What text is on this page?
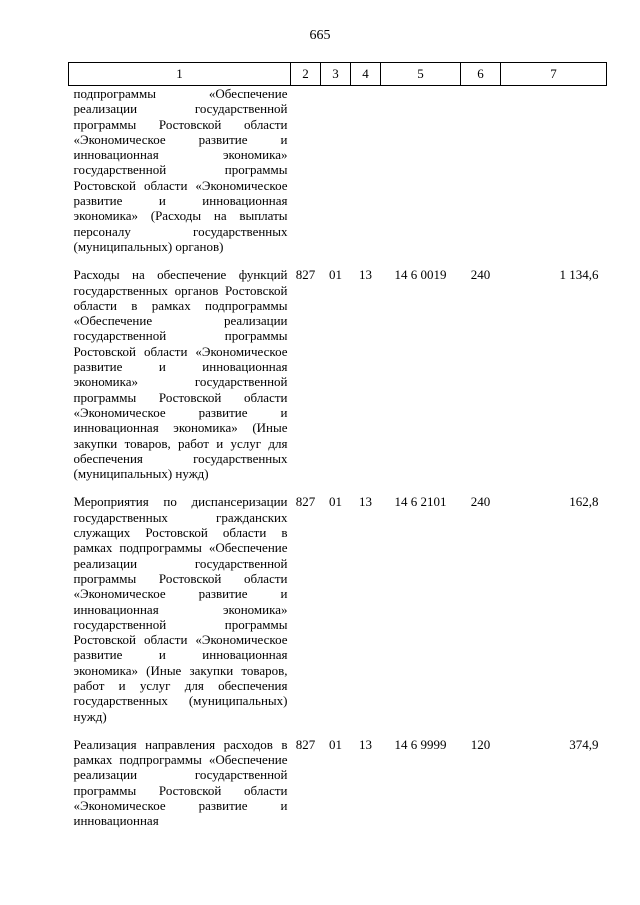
665
1	2	3	4	5	6	7
подпрограммы «Обеспечение реализации государственной программы Ростовской области «Экономическое развитие и инновационная экономика» государственной программы Ростовской области «Экономическое развитие и инновационная экономика» (Расходы на выплаты персоналу государственных (муниципальных) органов)						
Расходы на обеспечение функций государственных органов Ростовской области в рамках подпрограммы «Обеспечение реализации государственной программы Ростовской области «Экономическое развитие и инновационная экономика» государственной программы Ростовской области «Экономическое развитие и инновационная экономика» (Иные закупки товаров, работ и услуг для обеспечения государственных (муниципальных) нужд)	827	01	13	14 6 0019	240	1 134,6
Мероприятия по диспансеризации государственных гражданских служащих Ростовской области в рамках подпрограммы «Обеспечение реализации государственной программы Ростовской области «Экономическое развитие и инновационная экономика» государственной программы Ростовской области «Экономическое развитие и инновационная экономика» (Иные закупки товаров, работ и услуг для обеспечения государственных (муниципальных) нужд)	827	01	13	14 6 2101	240	162,8
Реализация направления расходов в рамках подпрограммы «Обеспечение реализации государственной программы Ростовской области «Экономическое развитие и инновационная	827	01	13	14 6 9999	120	374,9
